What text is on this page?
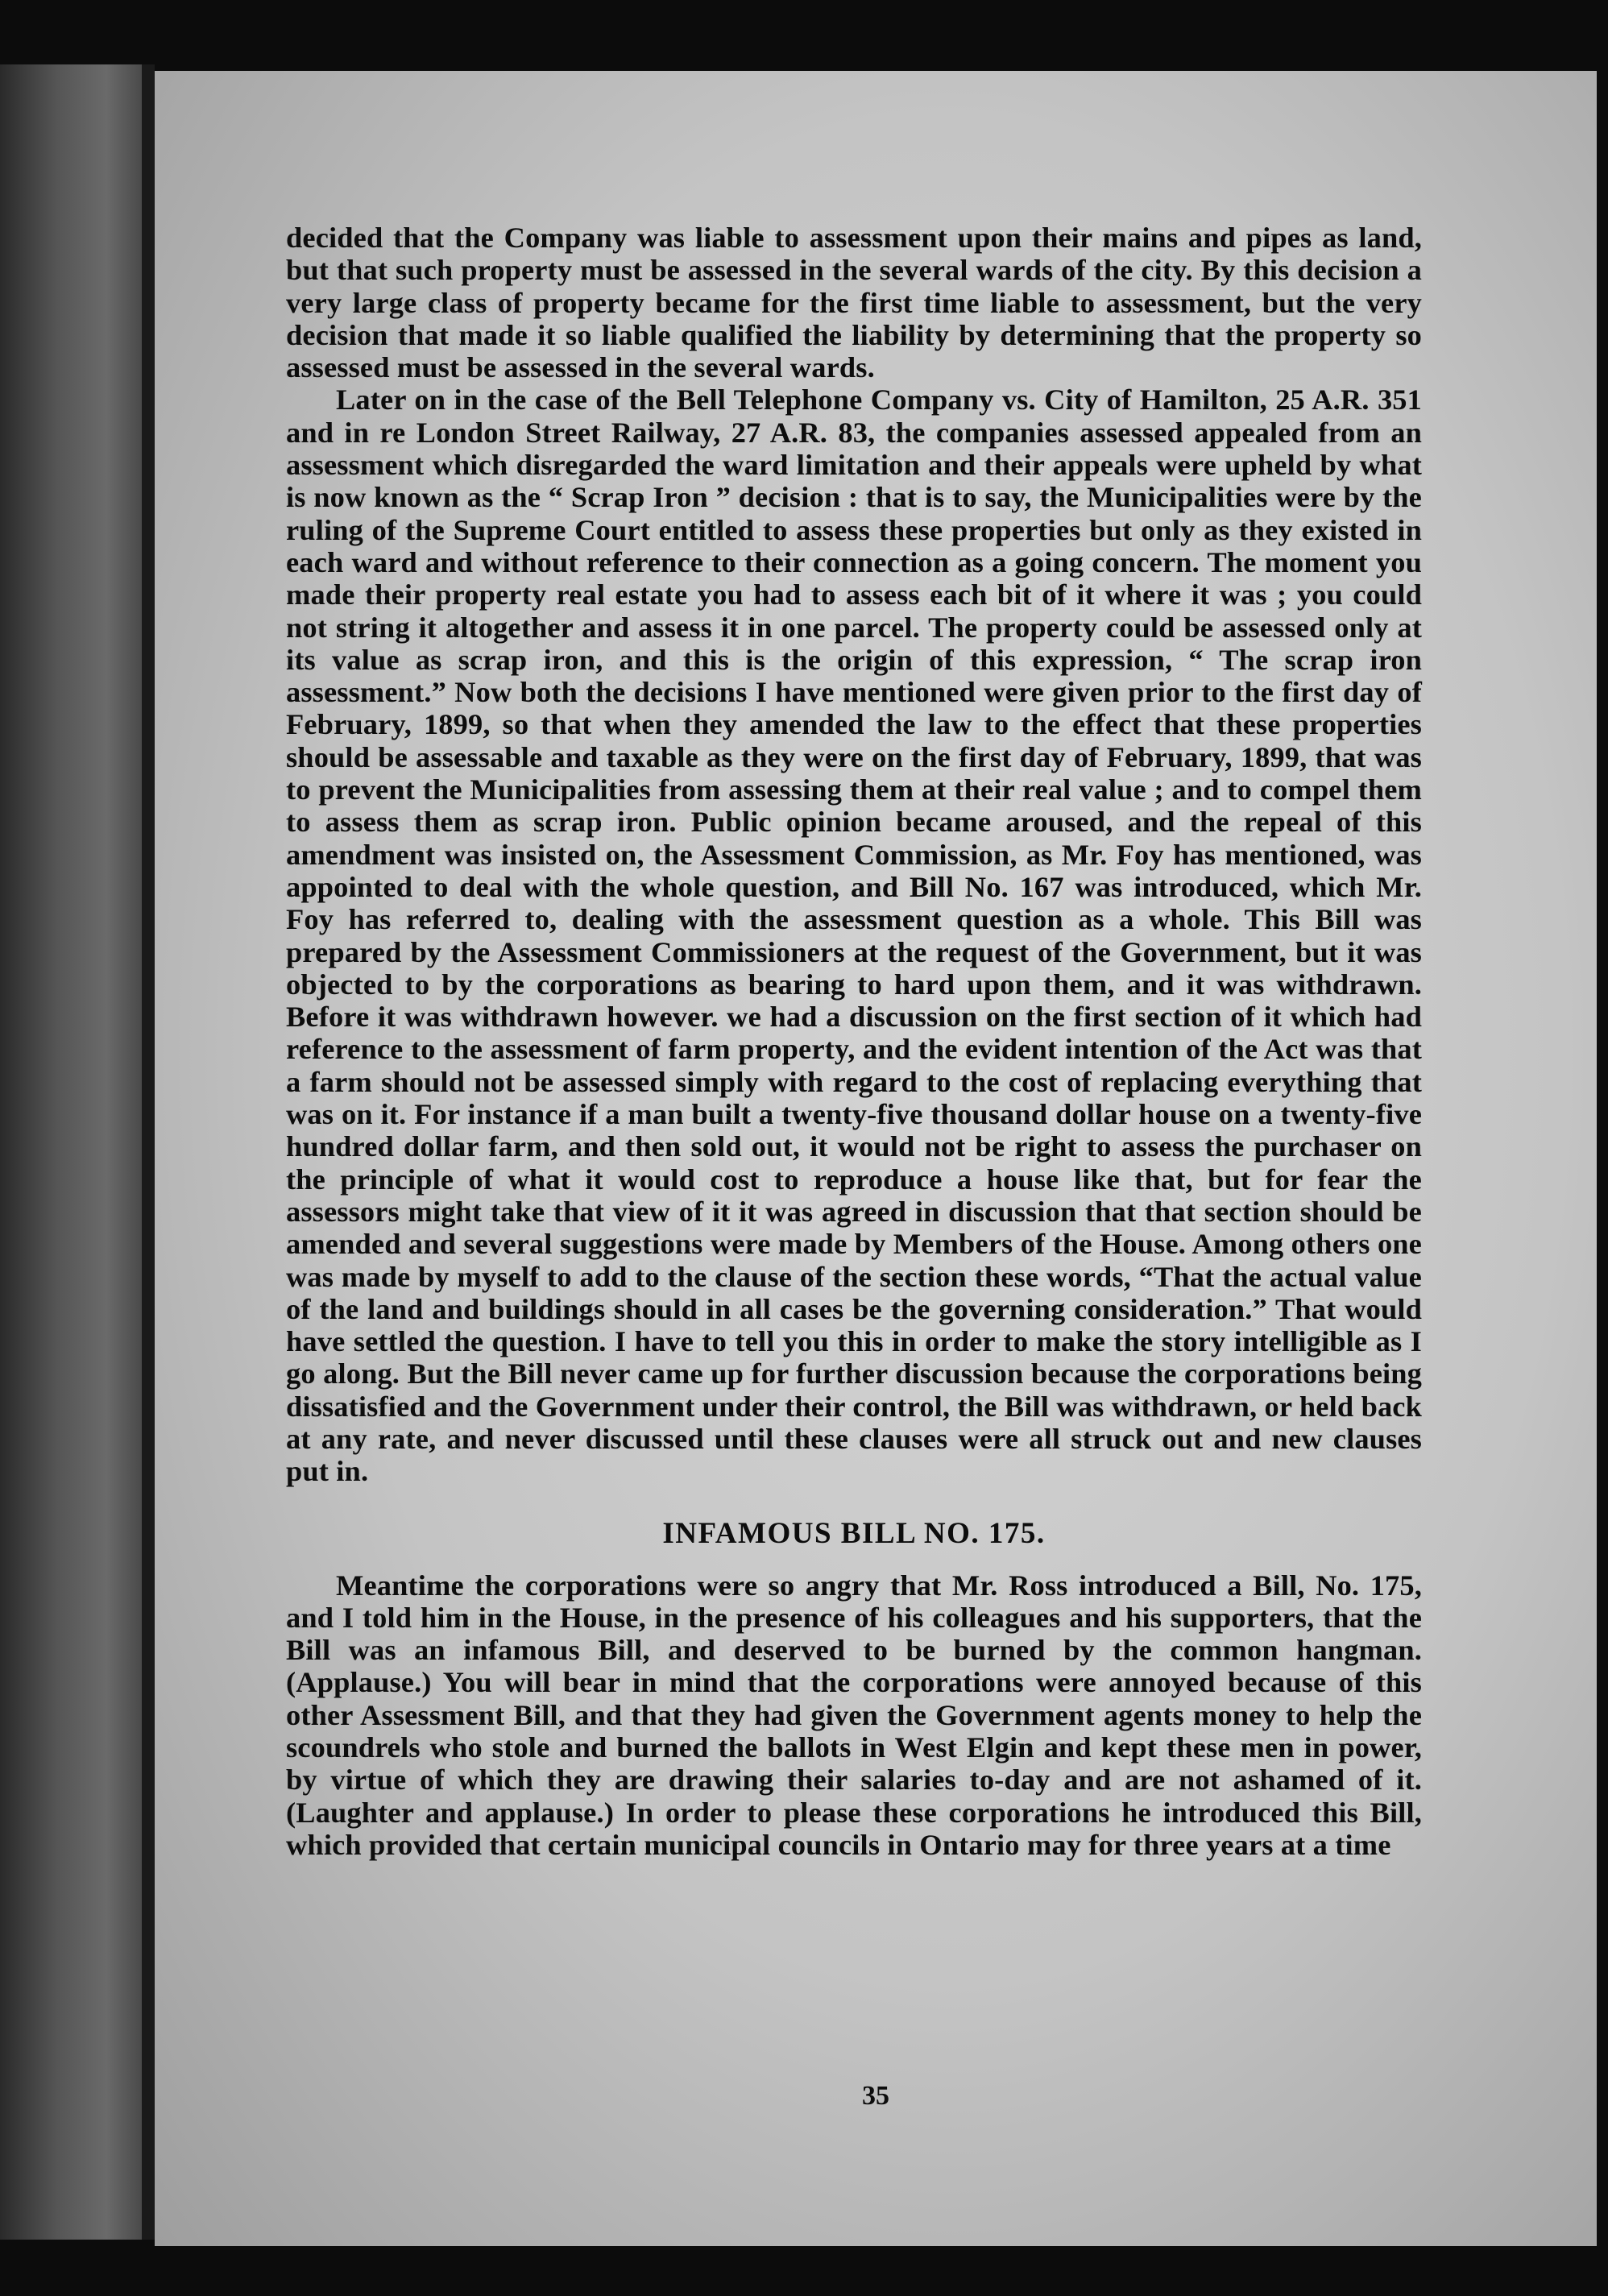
decided that the Company was liable to assessment upon their mains and pipes as land, but that such property must be assessed in the several wards of the city. By this decision a very large class of property became for the first time liable to assessment, but the very decision that made it so liable qualified the liability by determining that the property so assessed must be assessed in the several wards.

Later on in the case of the Bell Telephone Company vs. City of Hamilton, 25 A.R. 351 and in re London Street Railway, 27 A.R. 83, the companies assessed appealed from an assessment which disregarded the ward limitation and their appeals were upheld by what is now known as the “ Scrap Iron ” decision : that is to say, the Municipalities were by the ruling of the Supreme Court entitled to assess these properties but only as they existed in each ward and without reference to their connection as a going concern. The moment you made their property real estate you had to assess each bit of it where it was ; you could not string it altogether and assess it in one parcel. The property could be assessed only at its value as scrap iron, and this is the origin of this expression, “ The scrap iron assessment.” Now both the decisions I have mentioned were given prior to the first day of February, 1899, so that when they amended the law to the effect that these properties should be assessable and taxable as they were on the first day of February, 1899, that was to prevent the Municipalities from assessing them at their real value ; and to compel them to assess them as scrap iron. Public opinion became aroused, and the repeal of this amendment was insisted on, the Assessment Commission, as Mr. Foy has mentioned, was appointed to deal with the whole question, and Bill No. 167 was introduced, which Mr. Foy has referred to, dealing with the assessment question as a whole. This Bill was prepared by the Assessment Commissioners at the request of the Government, but it was objected to by the corporations as bearing to hard upon them, and it was withdrawn. Before it was withdrawn however. we had a discussion on the first section of it which had reference to the assessment of farm property, and the evident intention of the Act was that a farm should not be assessed simply with regard to the cost of replacing everything that was on it. For instance if a man built a twenty-five thousand dollar house on a twenty-five hundred dollar farm, and then sold out, it would not be right to assess the purchaser on the principle of what it would cost to reproduce a house like that, but for fear the assessors might take that view of it it was agreed in discussion that that section should be amended and several suggestions were made by Members of the House. Among others one was made by myself to add to the clause of the section these words, “That the actual value of the land and buildings should in all cases be the governing consideration.” That would have settled the question. I have to tell you this in order to make the story intelligible as I go along. But the Bill never came up for further discussion because the corporations being dissatisfied and the Government under their control, the Bill was withdrawn, or held back at any rate, and never discussed until these clauses were all struck out and new clauses put in.

INFAMOUS BILL NO. 175.

Meantime the corporations were so angry that Mr. Ross introduced a Bill, No. 175, and I told him in the House, in the presence of his colleagues and his supporters, that the Bill was an infamous Bill, and deserved to be burned by the common hangman. (Applause.) You will bear in mind that the corporations were annoyed because of this other Assessment Bill, and that they had given the Government agents money to help the scoundrels who stole and burned the ballots in West Elgin and kept these men in power, by virtue of which they are drawing their salaries to-day and are not ashamed of it. (Laughter and applause.) In order to please these corporations he introduced this Bill, which provided that certain municipal councils in Ontario may for three years at a time

35
